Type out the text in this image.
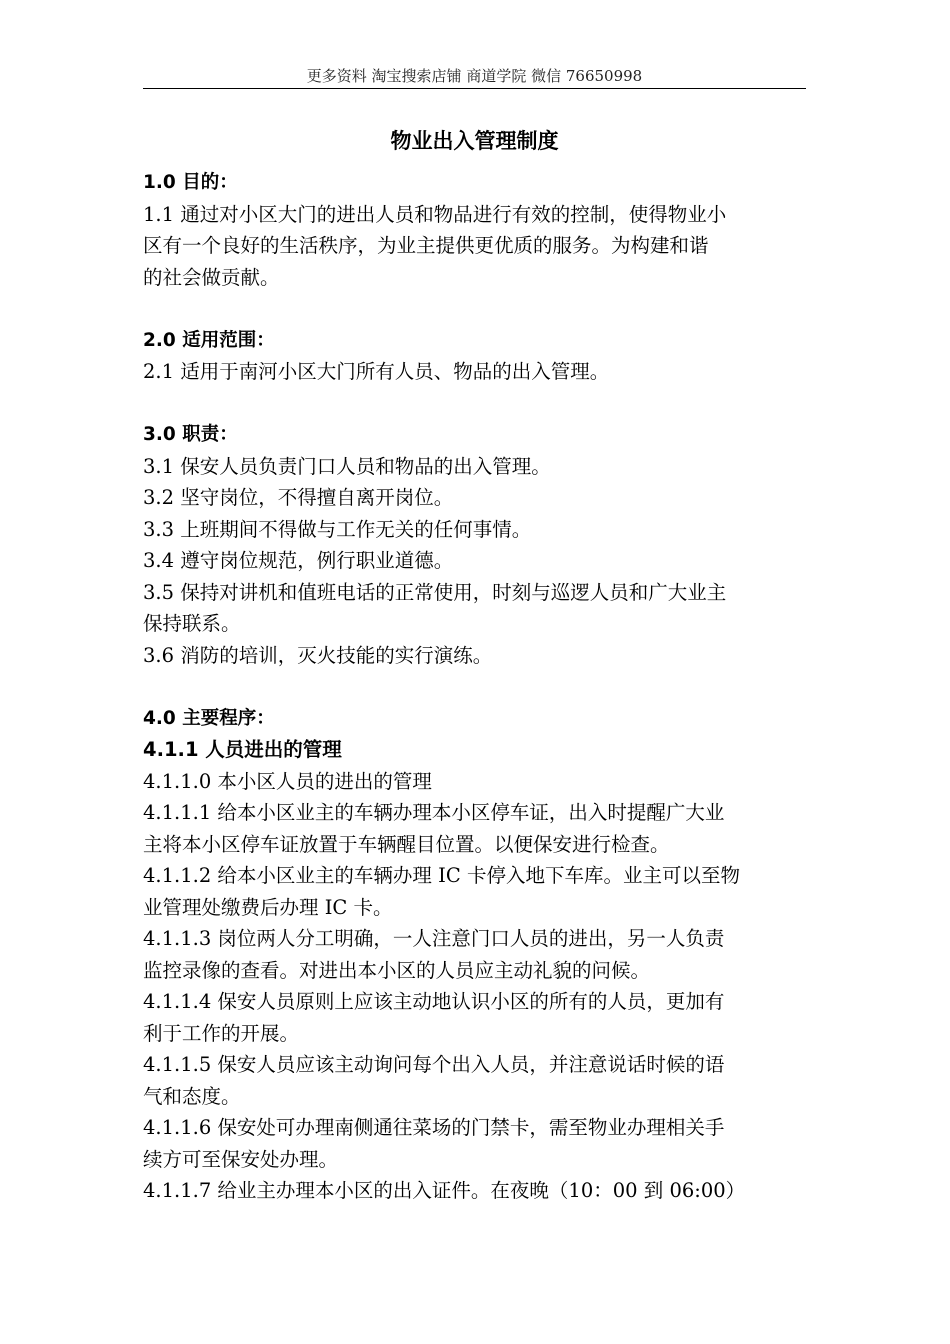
更多资料 淘宝搜索店铺 商道学院 微信 76650998
物业出入管理制度
1.0 目的：
1.1 通过对小区大门的进出人员和物品进行有效的控制，使得物业小
区有一个良好的生活秩序，为业主提供更优质的服务。为构建和谐
的社会做贡献。
2.0 适用范围：
2.1 适用于南河小区大门所有人员、物品的出入管理。
3.0 职责：
3.1 保安人员负责门口人员和物品的出入管理。
3.2 坚守岗位，不得擅自离开岗位。
3.3 上班期间不得做与工作无关的任何事情。
3.4 遵守岗位规范，例行职业道德。
3.5 保持对讲机和值班电话的正常使用，时刻与巡逻人员和广大业主
保持联系。
3.6 消防的培训，灭火技能的实行演练。
4.0 主要程序：
4.1.1 人员进出的管理
4.1.1.0 本小区人员的进出的管理
4.1.1.1 给本小区业主的车辆办理本小区停车证，出入时提醒广大业
主将本小区停车证放置于车辆醒目位置。以便保安进行检查。
4.1.1.2 给本小区业主的车辆办理 IC 卡停入地下车库。业主可以至物
业管理处缴费后办理 IC 卡。
4.1.1.3 岗位两人分工明确，一人注意门口人员的进出，另一人负责
监控录像的查看。对进出本小区的人员应主动礼貌的问候。
4.1.1.4 保安人员原则上应该主动地认识小区的所有的人员，更加有
利于工作的开展。
4.1.1.5 保安人员应该主动询问每个出入人员，并注意说话时候的语
气和态度。
4.1.1.6 保安处可办理南侧通往菜场的门禁卡，需至物业办理相关手
续方可至保安处办理。
4.1.1.7 给业主办理本小区的出入证件。在夜晚（10：00 到 06:00）
